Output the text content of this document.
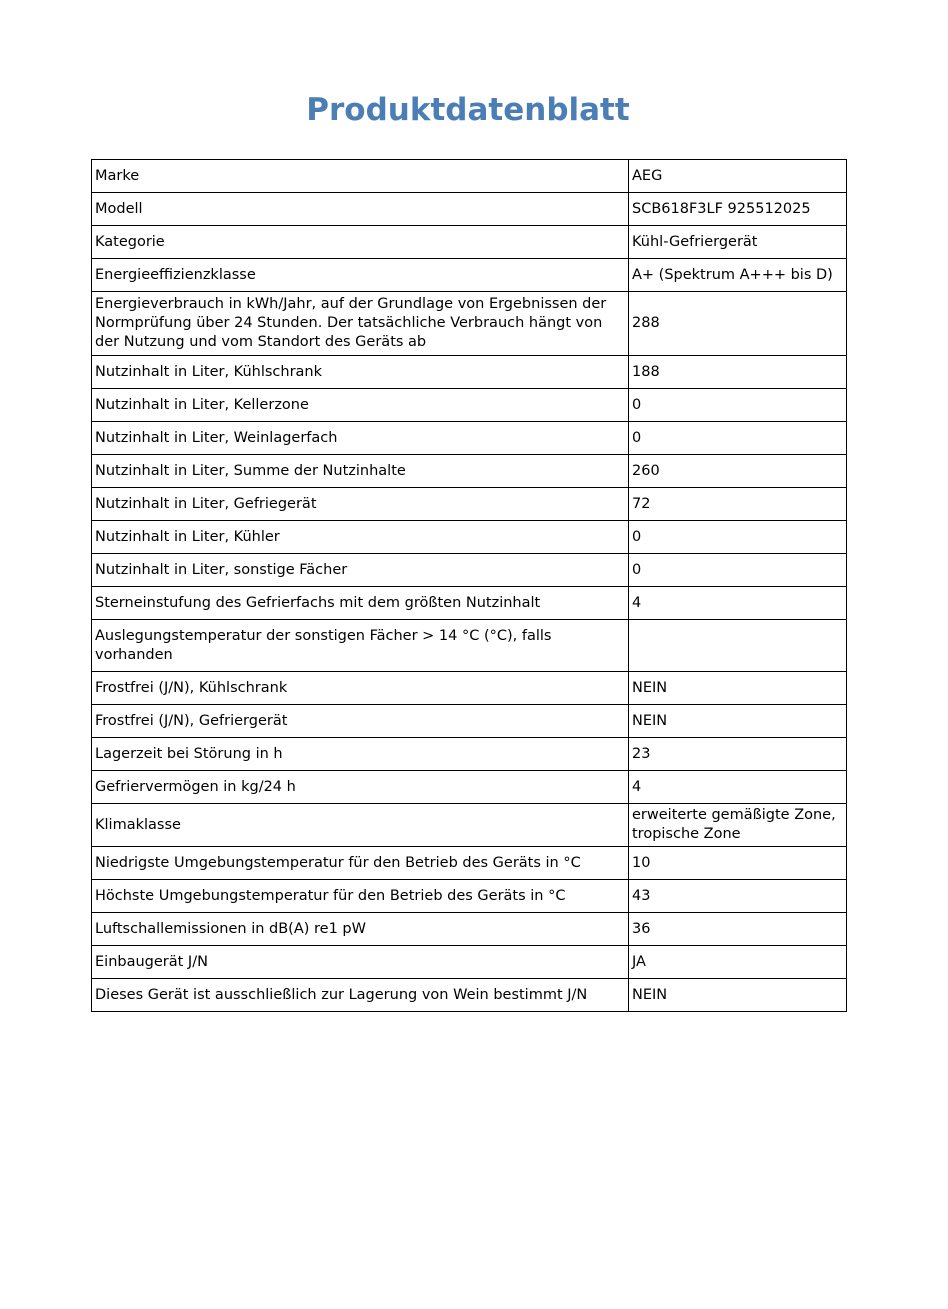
Produktdatenblatt
Marke	AEG
Modell	SCB618F3LF 925512025
Kategorie	Kühl-Gefriergerät
Energieeffizienzklasse	A+ (Spektrum A+++ bis D)
Energieverbrauch in kWh/Jahr, auf der Grundlage von Ergebnissen der Normprüfung über 24 Stunden. Der tatsächliche Verbrauch hängt von der Nutzung und vom Standort des Geräts ab	288
Nutzinhalt in Liter, Kühlschrank	188
Nutzinhalt in Liter, Kellerzone	0
Nutzinhalt in Liter, Weinlagerfach	0
Nutzinhalt in Liter, Summe der Nutzinhalte	260
Nutzinhalt in Liter, Gefriegerät	72
Nutzinhalt in Liter, Kühler	0
Nutzinhalt in Liter, sonstige Fächer	0
Sterneinstufung des Gefrierfachs mit dem größten Nutzinhalt	4
Auslegungstemperatur der sonstigen Fächer > 14 °C (°C), falls vorhanden	
Frostfrei (J/N), Kühlschrank	NEIN
Frostfrei (J/N), Gefriergerät	NEIN
Lagerzeit bei Störung in h	23
Gefriervermögen in kg/24 h	4
Klimaklasse	erweiterte gemäßigte Zone, tropische Zone
Niedrigste Umgebungstemperatur für den Betrieb des Geräts in °C	10
Höchste Umgebungstemperatur für den Betrieb des Geräts in °C	43
Luftschallemissionen in dB(A) re1 pW	36
Einbaugerät J/N	JA
Dieses Gerät ist ausschließlich zur Lagerung von Wein bestimmt J/N	NEIN
